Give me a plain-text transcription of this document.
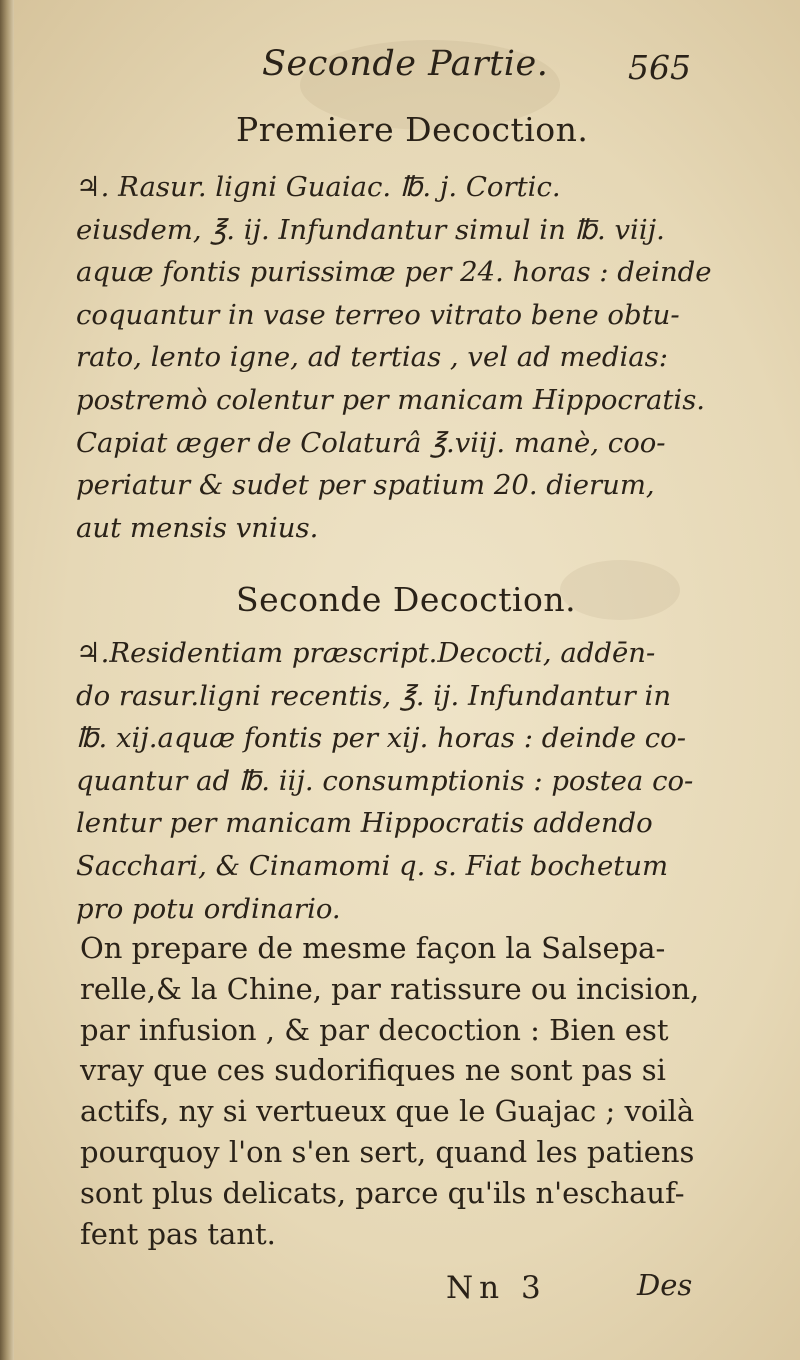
Seconde Partie. 565
Premiere Decoction.
♃. Rasur. ligni Guaiac. ℔. j. Cortic.
eiusdem, ℥. ij. Infundantur simul in ℔. viij.
aquæ fontis purissimæ per 24. horas : deinde
coquantur in vase terreo vitrato bene obtu-
rato, lento igne, ad tertias , vel ad medias:
postremò colentur per manicam Hippocratis.
Capiat æger de Colaturâ ℥.viij. manè, coo-
periatur & sudet per spatium 20. dierum,
aut mensis vnius.
Seconde Decoction.
♃.Residentiam præscript.Decocti, addēn-
do rasur.ligni recentis, ℥. ij. Infundantur in
℔. xij.aquæ fontis per xij. horas : deinde co-
quantur ad ℔. iij. consumptionis : postea co-
lentur per manicam Hippocratis addendo
Sacchari, & Cinamomi q. s. Fiat bochetum
pro potu ordinario.
On prepare de mesme façon la Salsepa-
relle,& la Chine, par ratissure ou incision,
par infusion , & par decoction : Bien est
vray que ces sudorifiques ne sont pas si
actifs, ny si vertueux que le Guajac ; voilà
pourquoy l'on s'en sert, quand les patiens
sont plus delicats, parce qu'ils n'eschauf-
fent pas tant.
Nn 3	Des
